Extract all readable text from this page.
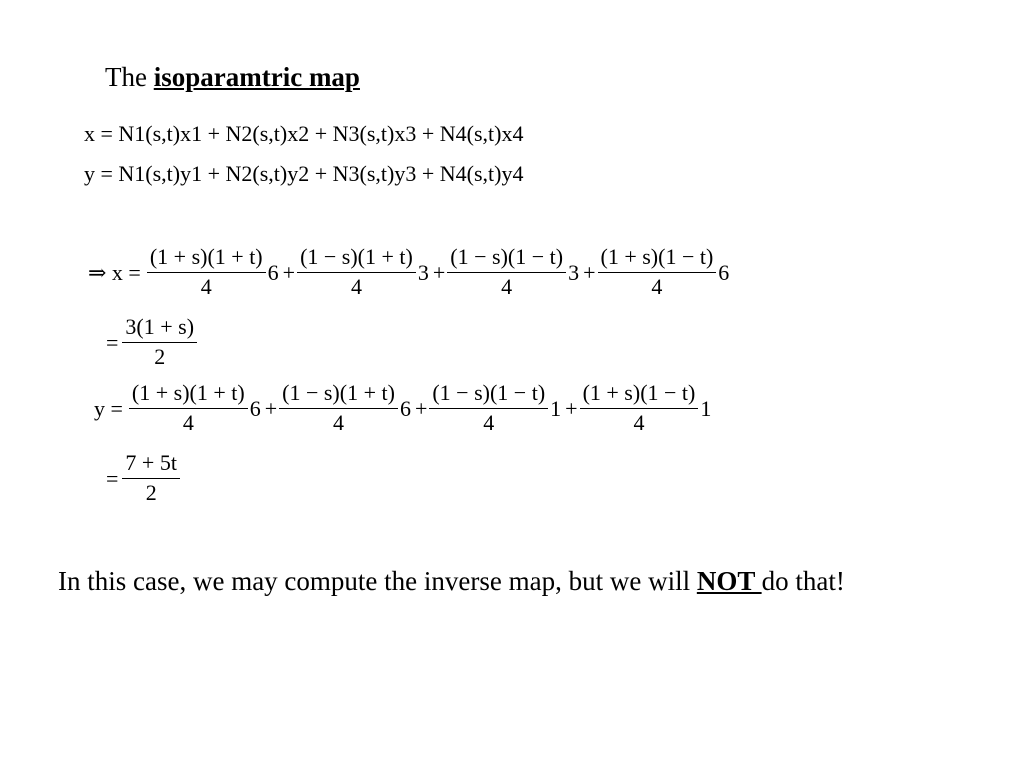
The isoparamtric map
x = N1(s,t)x1 + N2(s,t)x2 + N3(s,t)x3 + N4(s,t)x4
y = N1(s,t)y1 + N2(s,t)y2 + N3(s,t)y3 + N4(s,t)y4
⇒ $x = \frac{(1 + s)(1 + t)}{4} 6 + \frac{(1 - s)(1 + t)}{4} 3 + \frac{(1 - s)(1 - t)}{4} 3 + \frac{(1 + s)(1 - t)}{4} 6$
= $\frac{3(1 + s)}{2}$
$y = \frac{(1 + s)(1 + t)}{4} 6 + \frac{(1 - s)(1 + t)}{4} 6 + \frac{(1 - s)(1 - t)}{4} 1 + \frac{(1 + s)(1 - t)}{4} 1$
= $\frac{7 + 5t}{2}$
In this case, we may compute the inverse map, but we will NOT do that!
